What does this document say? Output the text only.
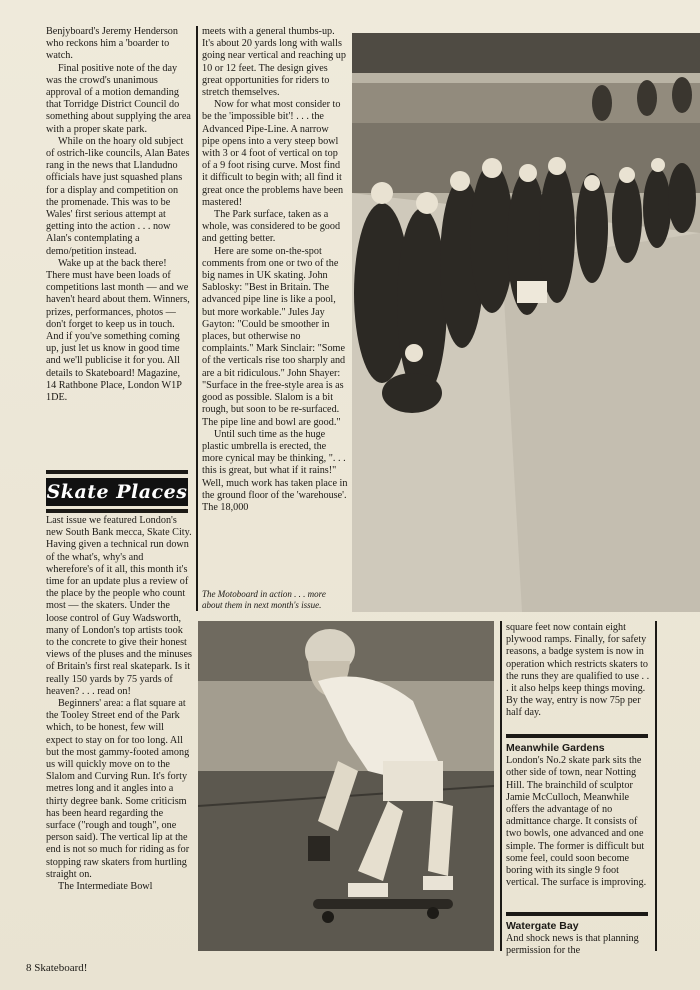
Benjyboard's Jeremy Henderson who reckons him a 'boarder to watch.

Final positive note of the day was the crowd's unanimous approval of a motion demanding that Torridge District Council do something about supplying the area with a proper skate park.

While on the hoary old subject of ostrich-like councils, Alan Bates rang in the news that Llandudno officials have just squashed plans for a display and competition on the promenade. This was to be Wales' first serious attempt at getting into the action . . . now Alan's contemplating a demo/petition instead.

Wake up at the back there! There must have been loads of competitions last month — and we haven't heard about them. Winners, prizes, performances, photos — don't forget to keep us in touch. And if you've something coming up, just let us know in good time and we'll publicise it for you. All details to Skateboard! Magazine, 14 Rathbone Place, London W1P 1DE.

Skate Places

Last issue we featured London's new South Bank mecca, Skate City. Having given a technical run down of the what's, why's and wherefore's of it all, this month it's time for an update plus a review of the place by the people who count most — the skaters. Under the loose control of Guy Wadsworth, many of London's top artists took to the concrete to give their honest views of the pluses and the minuses of Britain's first real skatepark. Is it really 150 yards by 75 yards of heaven? . . . read on!

Beginners' area: a flat square at the Tooley Street end of the Park which, to be honest, few will expect to stay on for too long. All but the most gammy-footed among us will quickly move on to the Slalom and Curving Run. It's forty metres long and it angles into a thirty degree bank. Some criticism has been heard regarding the surface ("rough and tough", one person said). The vertical lip at the end is not so much for riding as for stopping raw skaters from hurtling straight on.

The Intermediate Bowl

meets with a general thumbs-up. It's about 20 yards long with walls going near vertical and reaching up 10 or 12 feet. The design gives great opportunities for riders to stretch themselves.

Now for what most consider to be the 'impossible bit'! . . . the Advanced Pipe-Line. A narrow pipe opens into a very steep bowl with 3 or 4 foot of vertical on top of a 9 foot rising curve. Most find it difficult to begin with; all find it great once the problems have been mastered!

The Park surface, taken as a whole, was considered to be good and getting better.

Here are some on-the-spot comments from one or two of the big names in UK skating. John Sablosky: "Best in Britain. The advanced pipe line is like a pool, but more workable." Jules Jay Gayton: "Could be smoother in places, but otherwise no complaints." Mark Sinclair: "Some of the verticals rise too sharply and are a bit ridiculous." John Shayer: "Surface in the free-style area is as good as possible. Slalom is a bit rough, but soon to be re-surfaced. The pipe line and bowl are good."

Until such time as the huge plastic umbrella is erected, the more cynical may be thinking, ". . . this is great, but what if it rains!" Well, much work has taken place in the ground floor of the 'warehouse'. The 18,000

The Motoboard in action . . . more about them in next month's issue.

square feet now contain eight plywood ramps. Finally, for safety reasons, a badge system is now in operation which restricts skaters to the runs they are qualified to use . . . it also helps keep things moving. By the way, entry is now 75p per half day.

Meanwhile Gardens

London's No.2 skate park sits the other side of town, near Notting Hill. The brainchild of sculptor Jamie McCulloch, Meanwhile offers the advantage of no admittance charge. It consists of two bowls, one advanced and one simple. The former is difficult but some feel, could soon become boring with its single 9 foot vertical. The surface is improving.

Watergate Bay

And shock news is that planning permission for the

8 Skateboard!
